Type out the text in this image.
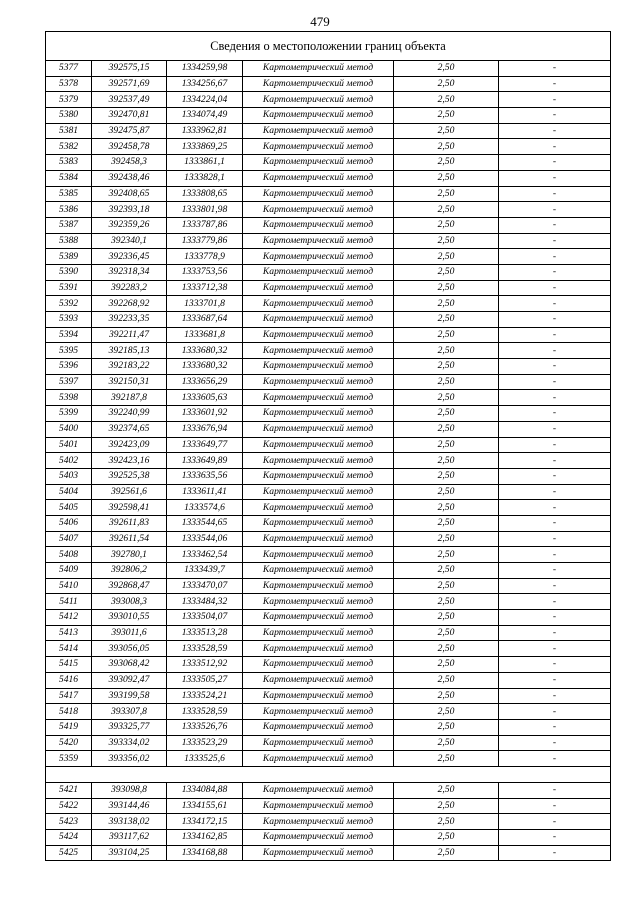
479
Сведения о местоположении границ объекта					
5377	392575,15	1334259,98	Картометрический метод	2,50	-
5378	392571,69	1334256,67	Картометрический метод	2,50	-
5379	392537,49	1334224,04	Картометрический метод	2,50	-
5380	392470,81	1334074,49	Картометрический метод	2,50	-
5381	392475,87	1333962,81	Картометрический метод	2,50	-
5382	392458,78	1333869,25	Картометрический метод	2,50	-
5383	392458,3	1333861,1	Картометрический метод	2,50	-
5384	392438,46	1333828,1	Картометрический метод	2,50	-
5385	392408,65	1333808,65	Картометрический метод	2,50	-
5386	392393,18	1333801,98	Картометрический метод	2,50	-
5387	392359,26	1333787,86	Картометрический метод	2,50	-
5388	392340,1	1333779,86	Картометрический метод	2,50	-
5389	392336,45	1333778,9	Картометрический метод	2,50	-
5390	392318,34	1333753,56	Картометрический метод	2,50	-
5391	392283,2	1333712,38	Картометрический метод	2,50	-
5392	392268,92	1333701,8	Картометрический метод	2,50	-
5393	392233,35	1333687,64	Картометрический метод	2,50	-
5394	392211,47	1333681,8	Картометрический метод	2,50	-
5395	392185,13	1333680,32	Картометрический метод	2,50	-
5396	392183,22	1333680,32	Картометрический метод	2,50	-
5397	392150,31	1333656,29	Картометрический метод	2,50	-
5398	392187,8	1333605,63	Картометрический метод	2,50	-
5399	392240,99	1333601,92	Картометрический метод	2,50	-
5400	392374,65	1333676,94	Картометрический метод	2,50	-
5401	392423,09	1333649,77	Картометрический метод	2,50	-
5402	392423,16	1333649,89	Картометрический метод	2,50	-
5403	392525,38	1333635,56	Картометрический метод	2,50	-
5404	392561,6	1333611,41	Картометрический метод	2,50	-
5405	392598,41	1333574,6	Картометрический метод	2,50	-
5406	392611,83	1333544,65	Картометрический метод	2,50	-
5407	392611,54	1333544,06	Картометрический метод	2,50	-
5408	392780,1	1333462,54	Картометрический метод	2,50	-
5409	392806,2	1333439,7	Картометрический метод	2,50	-
5410	392868,47	1333470,07	Картометрический метод	2,50	-
5411	393008,3	1333484,32	Картометрический метод	2,50	-
5412	393010,55	1333504,07	Картометрический метод	2,50	-
5413	393011,6	1333513,28	Картометрический метод	2,50	-
5414	393056,05	1333528,59	Картометрический метод	2,50	-
5415	393068,42	1333512,92	Картометрический метод	2,50	-
5416	393092,47	1333505,27	Картометрический метод	2,50	-
5417	393199,58	1333524,21	Картометрический метод	2,50	-
5418	393307,8	1333528,59	Картометрический метод	2,50	-
5419	393325,77	1333526,76	Картометрический метод	2,50	-
5420	393334,02	1333523,29	Картометрический метод	2,50	-
5359	393356,02	1333525,6	Картометрический метод	2,50	-

5421	393098,8	1334084,88	Картометрический метод	2,50	-
5422	393144,46	1334155,61	Картометрический метод	2,50	-
5423	393138,02	1334172,15	Картометрический метод	2,50	-
5424	393117,62	1334162,85	Картометрический метод	2,50	-
5425	393104,25	1334168,88	Картометрический метод	2,50	-
